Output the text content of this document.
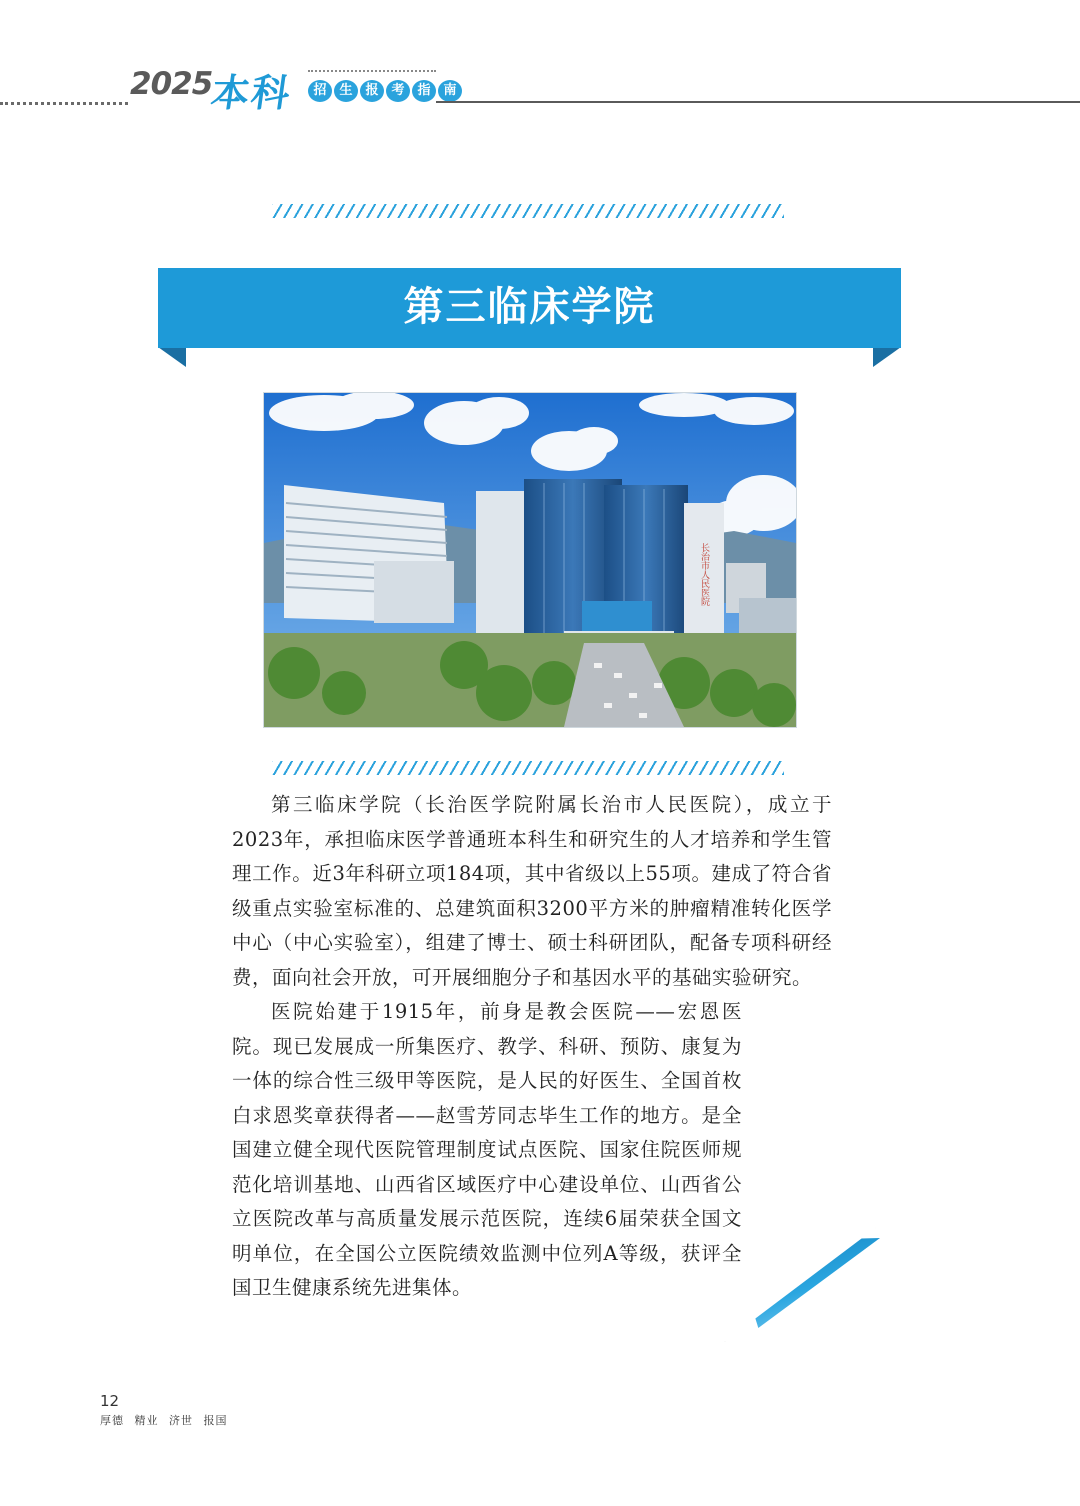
2025
本科	招 生 报 考 指 南
第三临床学院
长治市人民医院

第三临床学院（长治医学院附属长治市人民医院），成立于2023年，承担临床医学普通班本科生和研究生的人才培养和学生管理工作。近3年科研立项184项，其中省级以上55项。建成了符合省级重点实验室标准的、总建筑面积3200平方米的肿瘤精准转化医学中心（中心实验室），组建了博士、硕士科研团队，配备专项科研经费，面向社会开放，可开展细胞分子和基因水平的基础实验研究。

医院始建于1915年，前身是教会医院——宏恩医院。现已发展成一所集医疗、教学、科研、预防、康复为一体的综合性三级甲等医院，是人民的好医生、全国首枚白求恩奖章获得者——赵雪芳同志毕生工作的地方。是全国建立健全现代医院管理制度试点医院、国家住院医师规范化培训基地、山西省区域医疗中心建设单位、山西省公立医院改革与高质量发展示范医院，连续6届荣获全国文明单位，在全国公立医院绩效监测中位列A等级，获评全国卫生健康系统先进集体。

12
厚德 精业 济世 报国
